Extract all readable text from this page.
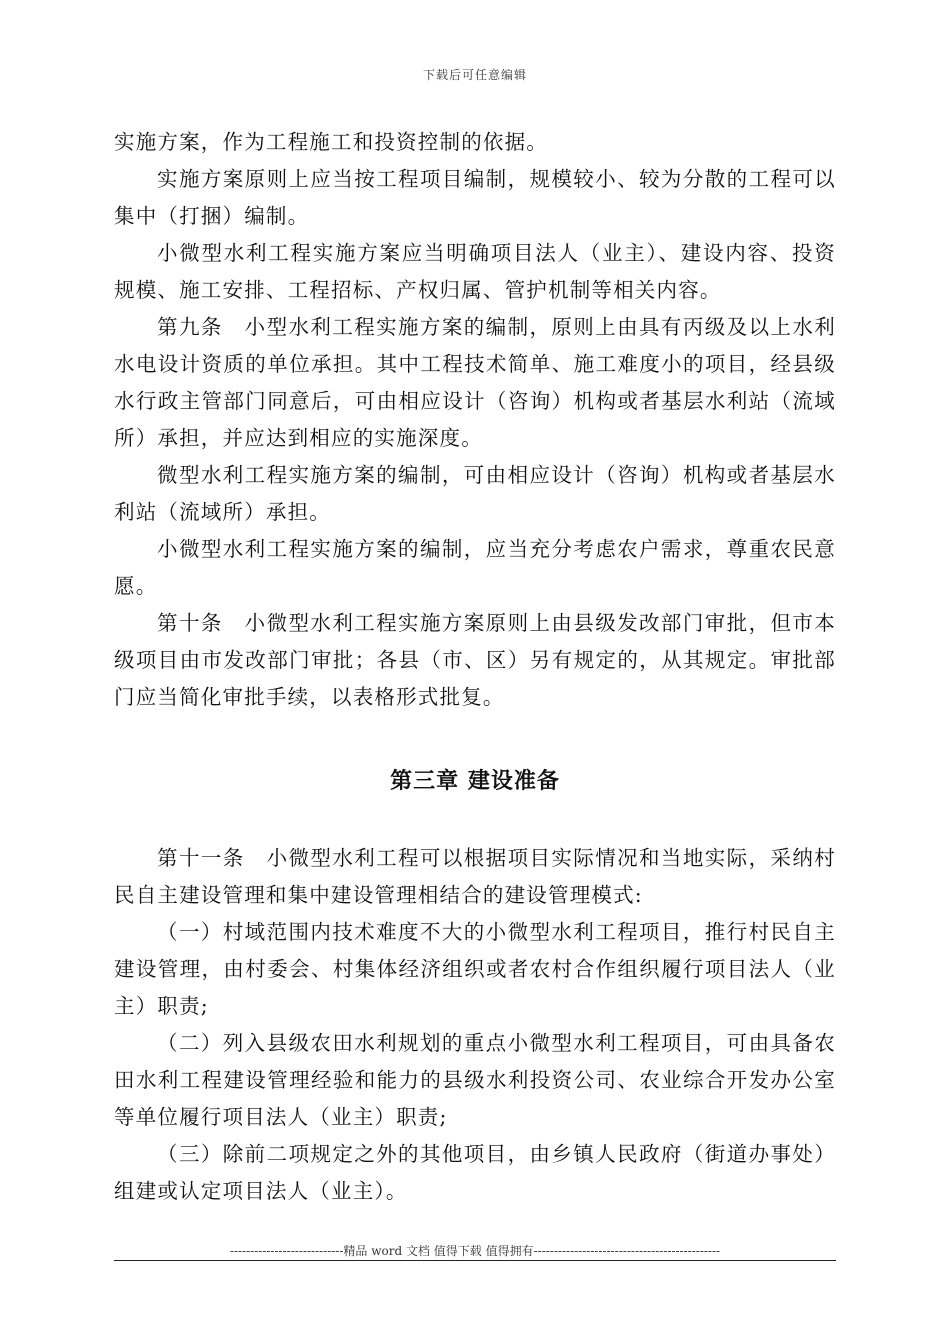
下载后可任意编辑

实施方案，作为工程施工和投资控制的依据。

实施方案原则上应当按工程项目编制，规模较小、较为分散的工程可以集中（打捆）编制。

小微型水利工程实施方案应当明确项目法人（业主）、建设内容、投资规模、施工安排、工程招标、产权归属、管护机制等相关内容。

第九条　小型水利工程实施方案的编制，原则上由具有丙级及以上水利水电设计资质的单位承担。其中工程技术简单、施工难度小的项目，经县级水行政主管部门同意后，可由相应设计（咨询）机构或者基层水利站（流域所）承担，并应达到相应的实施深度。

微型水利工程实施方案的编制，可由相应设计（咨询）机构或者基层水利站（流域所）承担。

小微型水利工程实施方案的编制，应当充分考虑农户需求，尊重农民意愿。

第十条　小微型水利工程实施方案原则上由县级发改部门审批，但市本级项目由市发改部门审批；各县（市、区）另有规定的，从其规定。审批部门应当简化审批手续，以表格形式批复。

第三章 建设准备

第十一条　小微型水利工程可以根据项目实际情况和当地实际，采纳村民自主建设管理和集中建设管理相结合的建设管理模式:

（一）村域范围内技术难度不大的小微型水利工程项目，推行村民自主建设管理，由村委会、村集体经济组织或者农村合作组织履行项目法人（业主）职责;

（二）列入县级农田水利规划的重点小微型水利工程项目，可由具备农田水利工程建设管理经验和能力的县级水利投资公司、农业综合开发办公室等单位履行项目法人（业主）职责;

（三）除前二项规定之外的其他项目，由乡镇人民政府（街道办事处）组建或认定项目法人（业主）。

----------------------------精品 word 文档 值得下载 值得拥有----------------------------------------------
